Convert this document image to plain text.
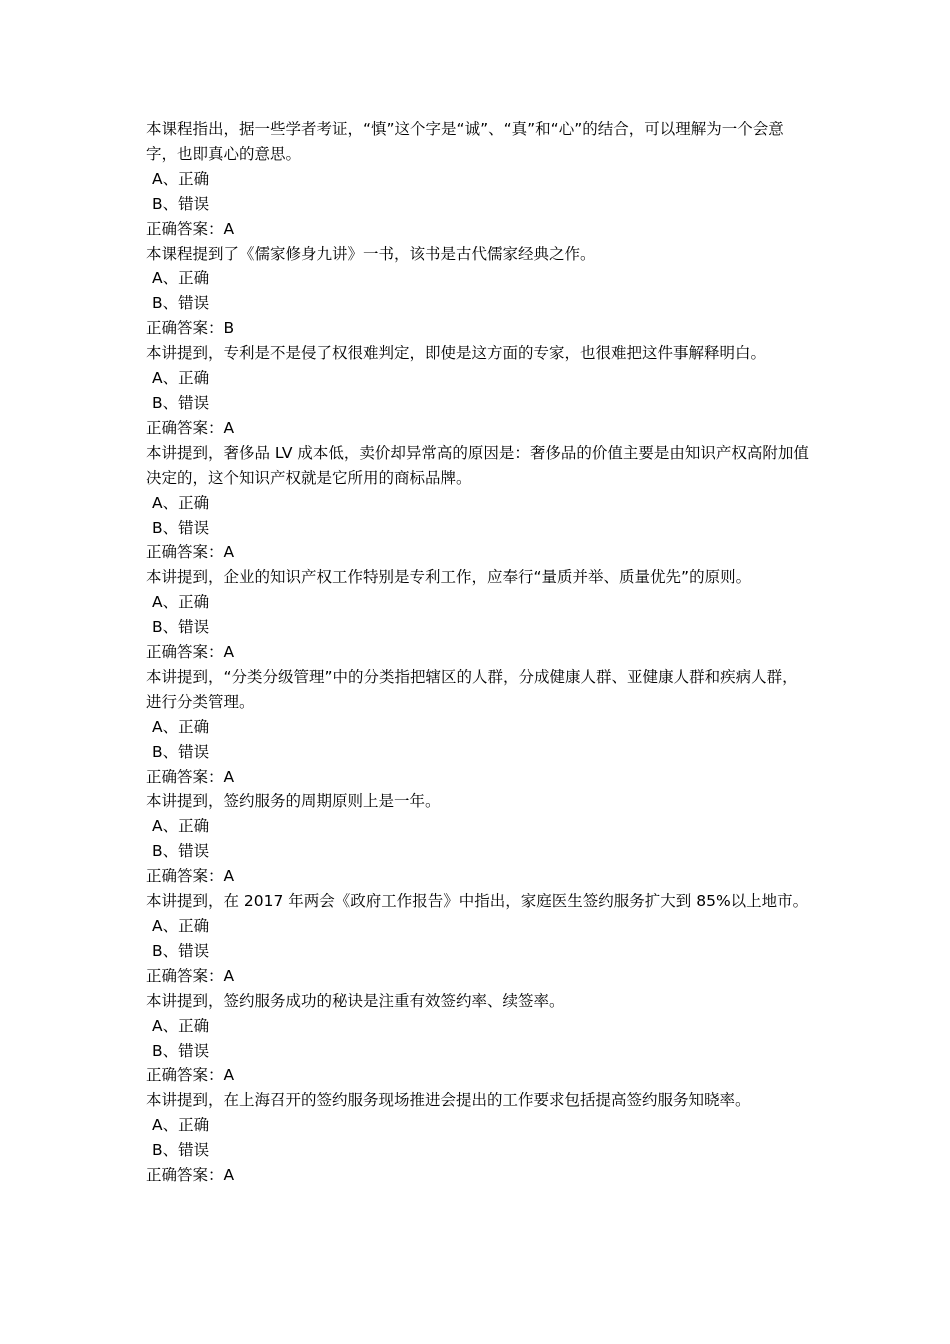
本课程指出，据一些学者考证，“慎”这个字是“诚”、“真”和“心”的结合，可以理解为一个会意字，也即真心的意思。

A、正确

B、错误

正确答案：A

本课程提到了《儒家修身九讲》一书，该书是古代儒家经典之作。

A、正确

B、错误

正确答案：B

本讲提到，专利是不是侵了权很难判定，即使是这方面的专家，也很难把这件事解释明白。

A、正确

B、错误

正确答案：A

本讲提到，奢侈品 LV 成本低，卖价却异常高的原因是：奢侈品的价值主要是由知识产权高附加值决定的，这个知识产权就是它所用的商标品牌。

A、正确

B、错误

正确答案：A

本讲提到，企业的知识产权工作特别是专利工作，应奉行“量质并举、质量优先”的原则。

A、正确

B、错误

正确答案：A

本讲提到，“分类分级管理”中的分类指把辖区的人群，分成健康人群、亚健康人群和疾病人群，进行分类管理。

A、正确

B、错误

正确答案：A

本讲提到，签约服务的周期原则上是一年。

A、正确

B、错误

正确答案：A

本讲提到，在 2017 年两会《政府工作报告》中指出，家庭医生签约服务扩大到 85%以上地市。

A、正确

B、错误

正确答案：A

本讲提到，签约服务成功的秘诀是注重有效签约率、续签率。

A、正确

B、错误

正确答案：A

本讲提到，在上海召开的签约服务现场推进会提出的工作要求包括提高签约服务知晓率。

A、正确

B、错误

正确答案：A
